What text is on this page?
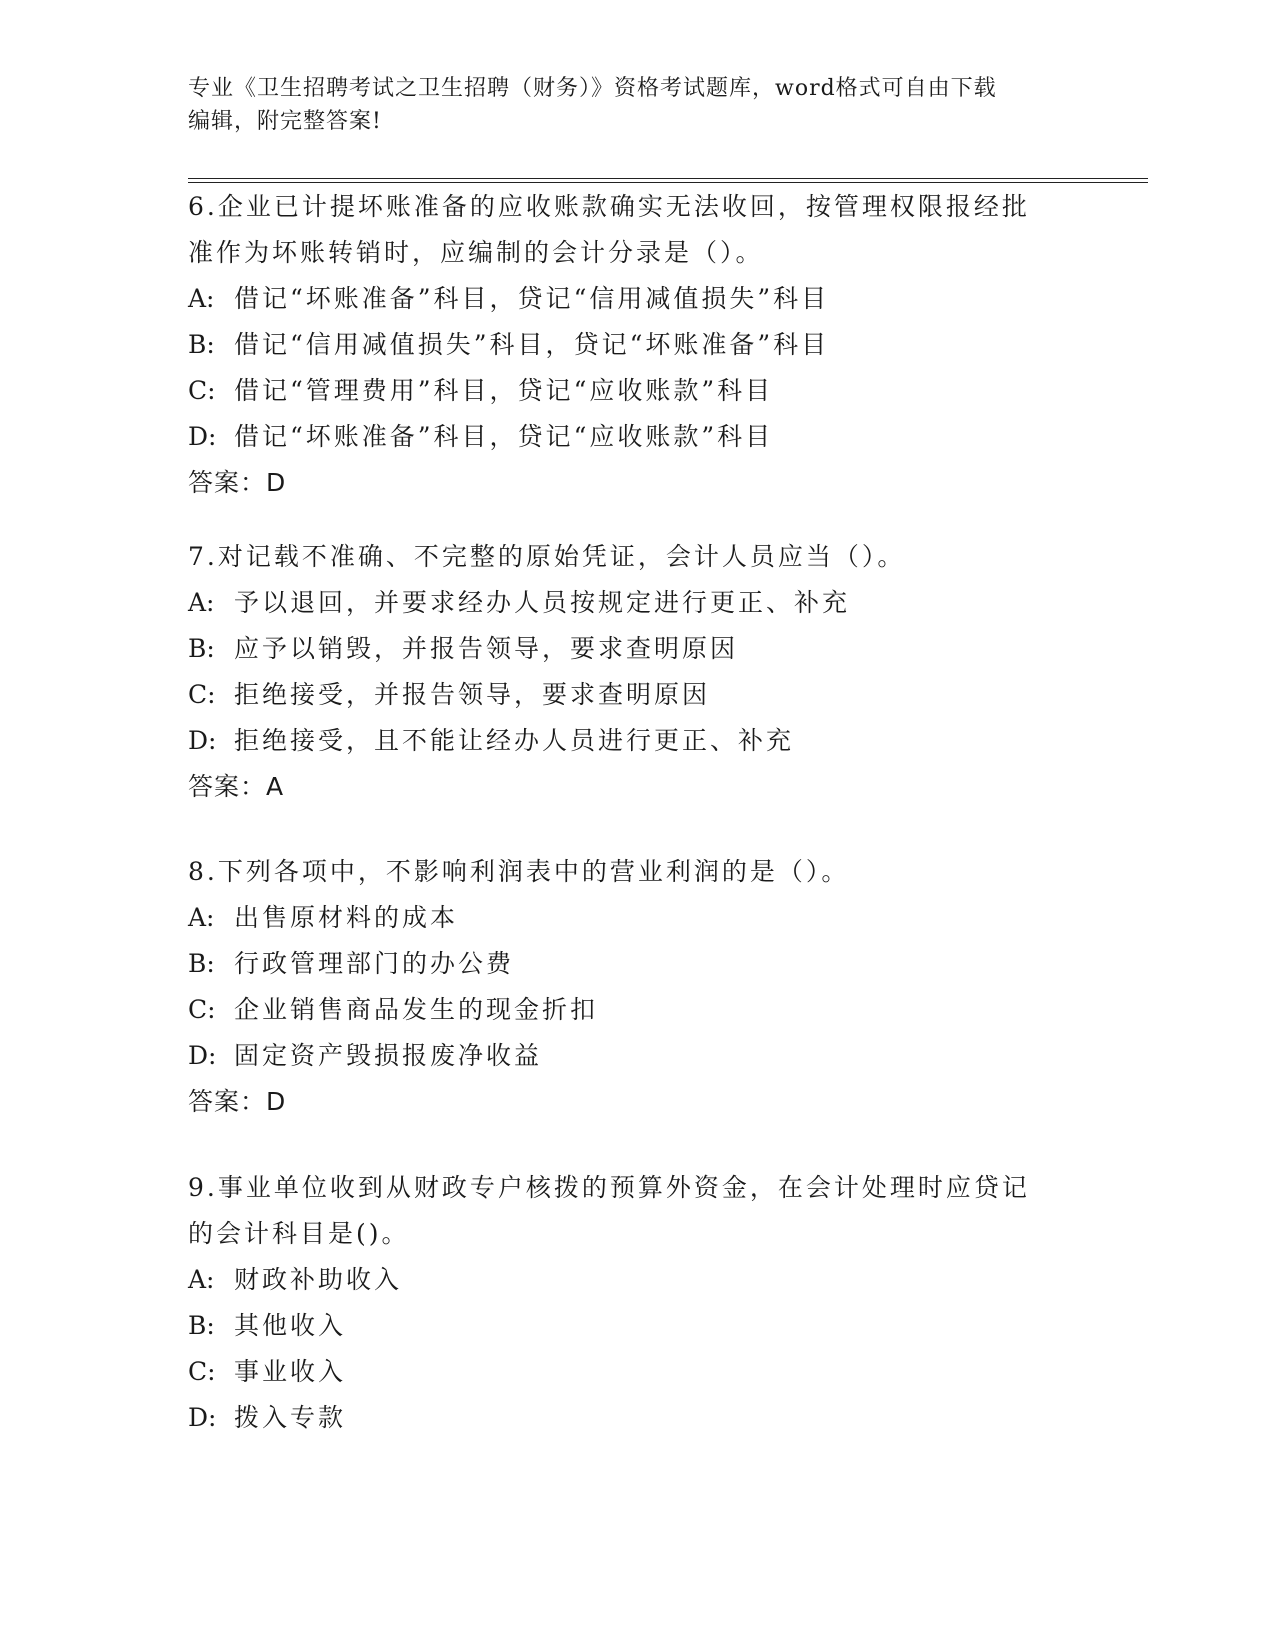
专业《卫生招聘考试之卫生招聘（财务）》资格考试题库，word格式可自由下载
编辑，附完整答案!
6.企业已计提坏账准备的应收账款确实无法收回，按管理权限报经批
准作为坏账转销时，应编制的会计分录是（）。
A: 借记“坏账准备”科目，贷记“信用减值损失”科目
B: 借记“信用减值损失”科目，贷记“坏账准备”科目
C: 借记“管理费用”科目，贷记“应收账款”科目
D: 借记“坏账准备”科目，贷记“应收账款”科目
答案：D
7.对记载不准确、不完整的原始凭证，会计人员应当（）。
A: 予以退回，并要求经办人员按规定进行更正、补充
B: 应予以销毁，并报告领导，要求查明原因
C: 拒绝接受，并报告领导，要求查明原因
D: 拒绝接受，且不能让经办人员进行更正、补充
答案：A
8.下列各项中，不影响利润表中的营业利润的是（）。
A: 出售原材料的成本
B: 行政管理部门的办公费
C: 企业销售商品发生的现金折扣
D: 固定资产毁损报废净收益
答案：D
9.事业单位收到从财政专户核拨的预算外资金，在会计处理时应贷记
的会计科目是()。
A: 财政补助收入
B: 其他收入
C: 事业收入
D: 拨入专款
